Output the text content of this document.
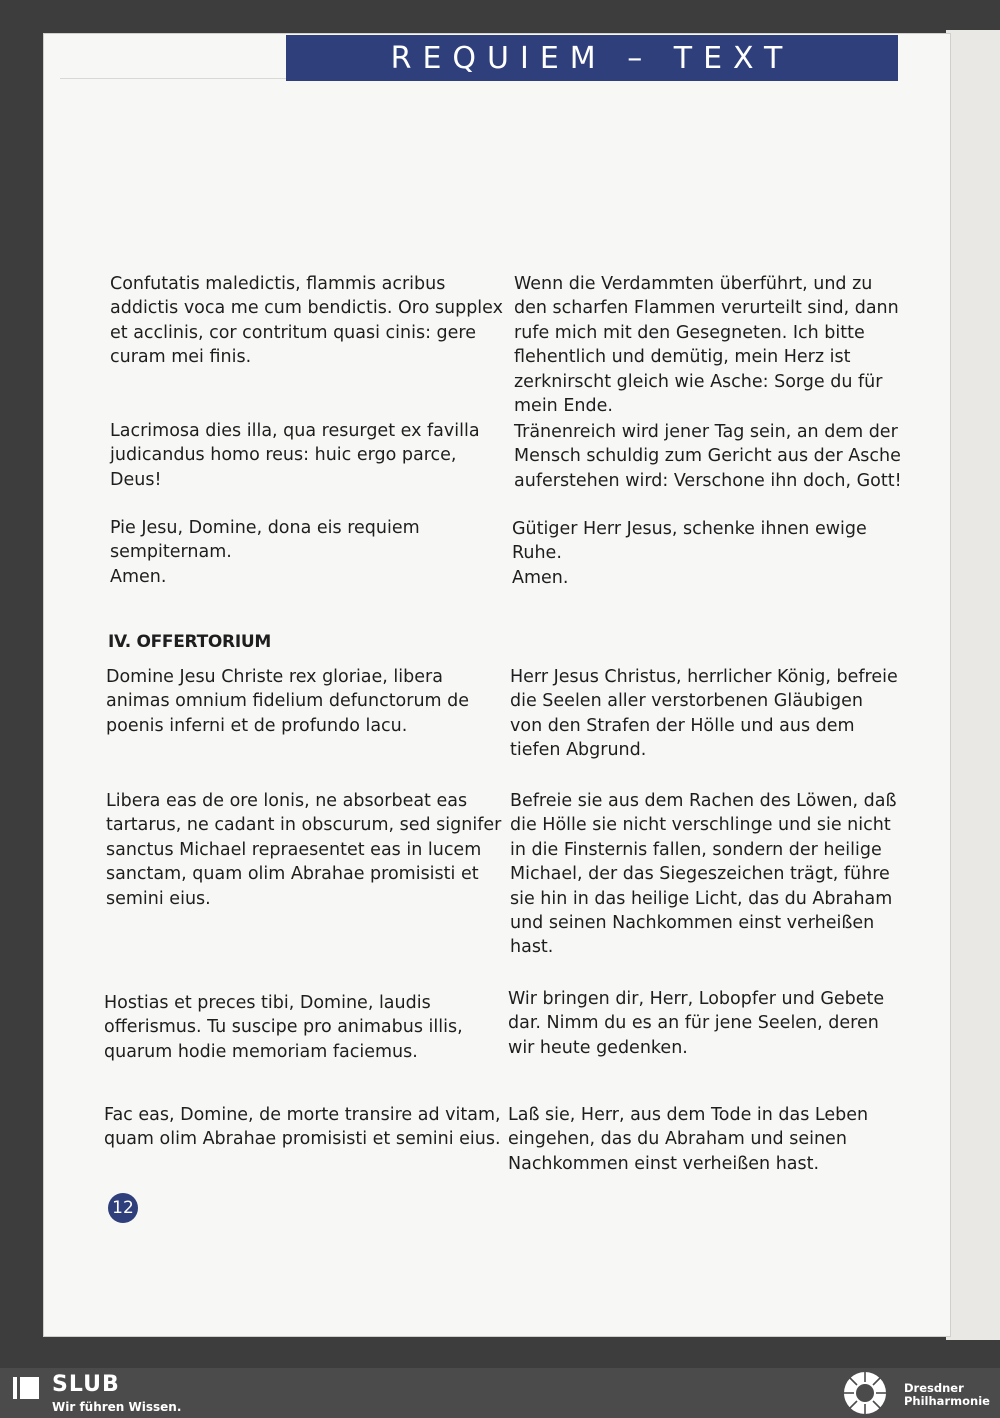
REQUIEM – TEXT
Confutatis maledictis, flammis acribus addictis voca me cum bendictis. Oro supplex et acclinis, cor contritum quasi cinis: gere curam mei finis.
Lacrimosa dies illa, qua resurget ex favilla judicandus homo reus: huic ergo parce, Deus!
Pie Jesu, Domine, dona eis requiem sempiternam.
Amen.
IV. OFFERTORIUM
Domine Jesu Christe rex gloriae, libera animas omnium fidelium defunctorum de poenis inferni et de profundo lacu.
Libera eas de ore lonis, ne absorbeat eas tartarus, ne cadant in obscurum, sed signifer sanctus Michael repraesentet eas in lucem sanctam, quam olim Abrahae promisisti et semini eius.
Hostias et preces tibi, Domine, laudis offerismus. Tu suscipe pro animabus illis, quarum hodie memoriam faciemus.
Fac eas, Domine, de morte transire ad vitam, quam olim Abrahae promisisti et semini eius.
Wenn die Verdammten überführt, und zu den scharfen Flammen verurteilt sind, dann rufe mich mit den Gesegneten. Ich bitte flehentlich und demütig, mein Herz ist zerknirscht gleich wie Asche: Sorge du für mein Ende.
Tränenreich wird jener Tag sein, an dem der Mensch schuldig zum Gericht aus der Asche auferstehen wird: Verschone ihn doch, Gott!
Gütiger Herr Jesus, schenke ihnen ewige Ruhe.
Amen.
Herr Jesus Christus, herrlicher König, befreie die Seelen aller verstorbenen Gläubigen von den Strafen der Hölle und aus dem tiefen Abgrund.
Befreie sie aus dem Rachen des Löwen, daß die Hölle sie nicht verschlinge und sie nicht in die Finsternis fallen, sondern der heilige Michael, der das Siegeszeichen trägt, führe sie hin in das heilige Licht, das du Abraham und seinen Nachkommen einst verheißen hast.
Wir bringen dir, Herr, Lobopfer und Gebete dar. Nimm du es an für jene Seelen, deren wir heute gedenken.
Laß sie, Herr, aus dem Tode in das Leben eingehen, das du Abraham und seinen Nachkommen einst verheißen hast.
12
SLUB
Wir führen Wissen.
Dresdner
Philharmonie
